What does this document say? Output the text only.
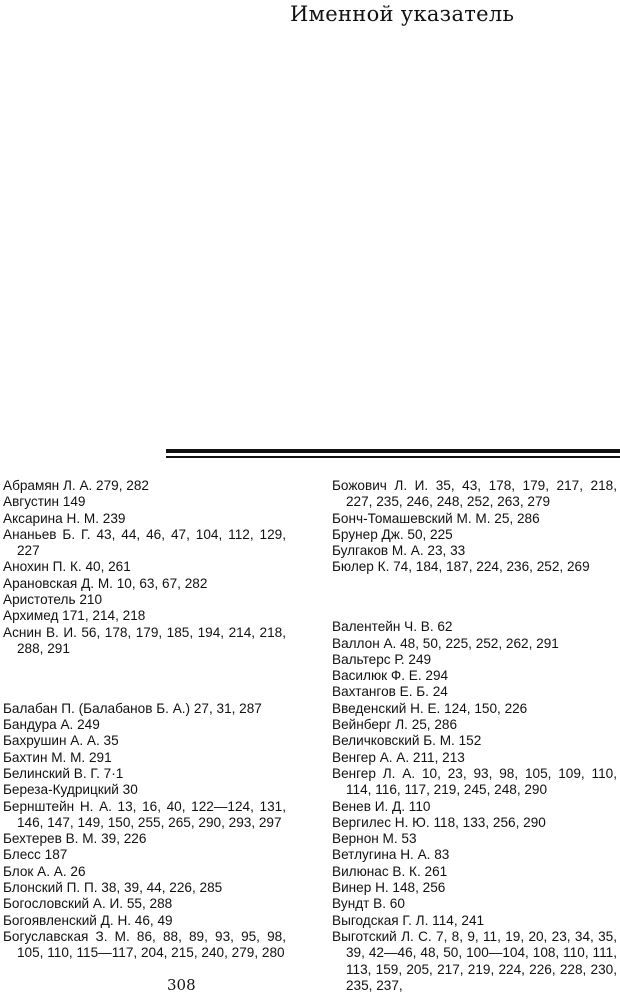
Именной указатель

Абрамян Л. А. 279, 282

Августин 149

Аксарина Н. М. 239

Ананьев Б. Г. 43, 44, 46, 47, 104, 112, 129, 227

Анохин П. К. 40, 261

Арановская Д. М. 10, 63, 67, 282

Аристотель 210

Архимед 171, 214, 218

Аснин В. И. 56, 178, 179, 185, 194, 214, 218, 288, 291

Балабан П. (Балабанов Б. А.) 27, 31, 287

Бандура А. 249

Бахрушин А. А. 35

Бахтин М. М. 291

Белинский В. Г. 7·1

Береза-Кудрицкий 30

Бернштейн Н. А. 13, 16, 40, 122—124, 131, 146, 147, 149, 150, 255, 265, 290, 293, 297

Бехтерев В. М. 39, 226

Блесс 187

Блок А. А. 26

Блонский П. П. 38, 39, 44, 226, 285

Богословский А. И. 55, 288

Богоявленский Д. Н. 46, 49

Богуславская З. М. 86, 88, 89, 93, 95, 98, 105, 110, 115—117, 204, 215, 240, 279, 280

Божович Л. И. 35, 43, 178, 179, 217, 218, 227, 235, 246, 248, 252, 263, 279

Бонч-Томашевский М. М. 25, 286

Брунер Дж. 50, 225

Булгаков М. А. 23, 33

Бюлер К. 74, 184, 187, 224, 236, 252, 269

Валентейн Ч. В. 62

Валлон А. 48, 50, 225, 252, 262, 291

Вальтерс Р. 249

Василюк Ф. Е. 294

Вахтангов Е. Б. 24

Введенский Н. Е. 124, 150, 226

Вейнберг Л. 25, 286

Величковский Б. М. 152

Венгер А. А. 211, 213

Венгер Л. А. 10, 23, 93, 98, 105, 109, 110, 114, 116, 117, 219, 245, 248, 290

Венев И. Д. 110

Вергилес Н. Ю. 118, 133, 256, 290

Вернон М. 53

Ветлугина Н. А. 83

Вилюнас В. К. 261

Винер Н. 148, 256

Вундт В. 60

Выгодская Г. Л. 114, 241

Выготский Л. С. 7, 8, 9, 11, 19, 20, 23, 34, 35, 39, 42—46, 48, 50, 100—104, 108, 110, 111, 113, 159, 205, 217, 219, 224, 226, 228, 230, 235, 237,

308
